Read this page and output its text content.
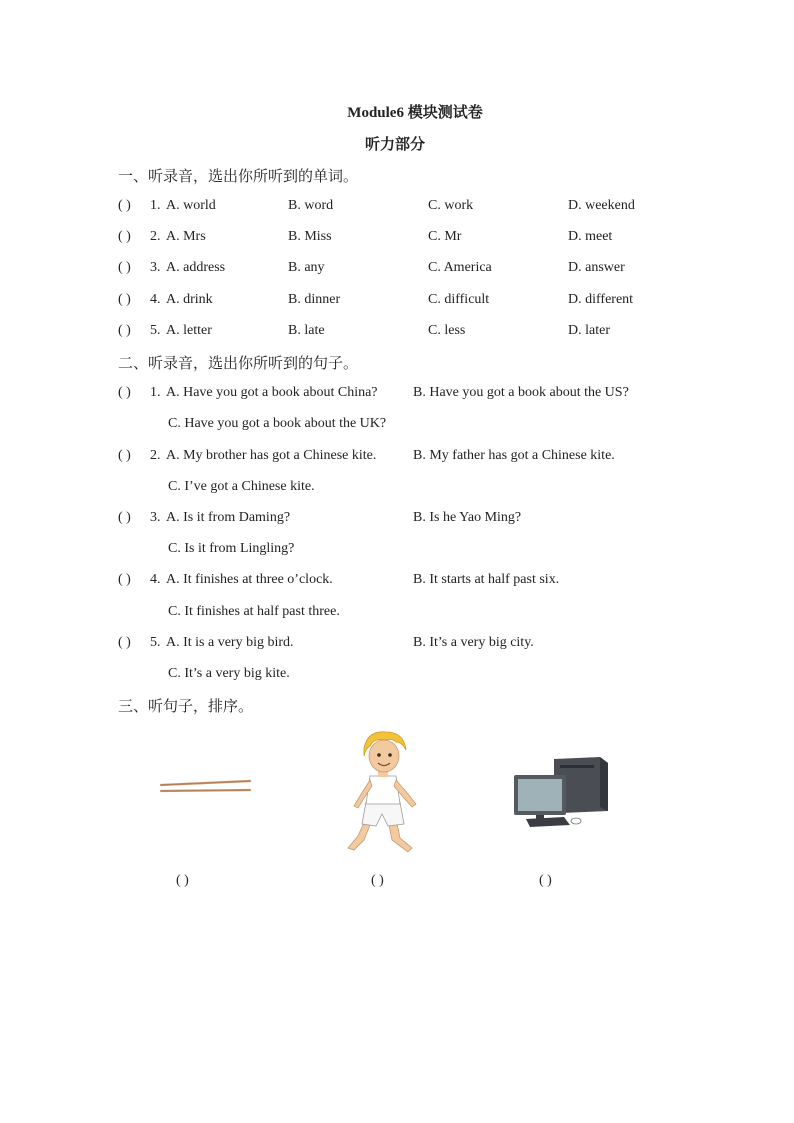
Module6 模块测试卷
听力部分
一、听录音，选出你所听到的单词。
( ) 1. A. world	B. word	C. work	D. weekend
( ) 2. A. Mrs	B. Miss	C. Mr	D. meet
( ) 3. A. address	B. any	C. America	D. answer
( ) 4. A. drink	B. dinner	C. difficult	D. different
( ) 5. A. letter	B. late	C. less	D. later
二、听录音，选出你所听到的句子。
( ) 1. A. Have you got a book about China?	B. Have you got a book about the US?
C. Have you got a book about the UK?
( ) 2. A. My brother has got a Chinese kite.	B. My father has got a Chinese kite.
C. I’ve got a Chinese kite.
( ) 3. A. Is it from Daming?	B. Is he Yao Ming?
C. Is it from Lingling?
( ) 4. A. It finishes at three o’clock.	B. It starts at half past six.
C. It finishes at half past three.
( ) 5. A. It is a very big bird.	B. It’s a very big city.
C. It’s a very big kite.
三、听句子，排序。
( )	( )	( )
